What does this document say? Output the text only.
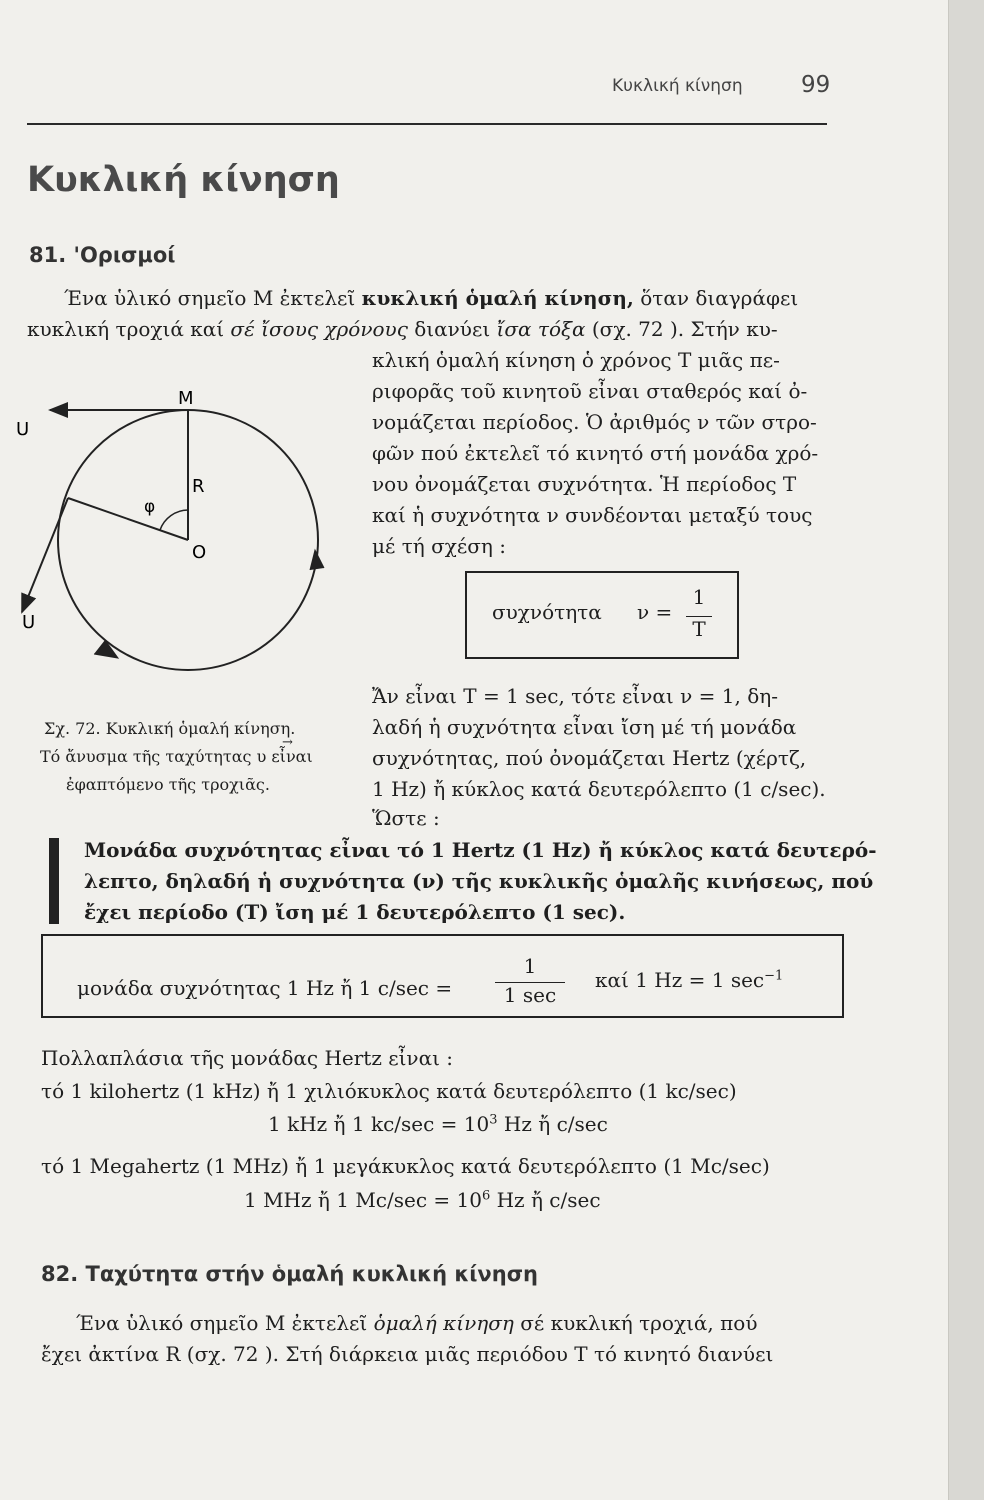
Κυκλική κίνηση	99
Κυκλική κίνηση
81. 'Ορισμοί
Ένα ὑλικό σημεῖο Μ ἐκτελεῖ κυκλική ὁμαλή κίνηση, ὅταν διαγράφει
κυκλική τροχιά καί σέ ἴσους χρόνους διανύει ἴσα τόξα (σχ. 72 ). Στήν κυ-
κλική ὁμαλή κίνηση ὁ χρόνος Τ μιᾶς πε-
ριφορᾶς τοῦ κινητοῦ εἶναι σταθερός καί ὀ-
νομάζεται περίοδος. Ὁ ἀριθμός ν τῶν στρο-
φῶν πού ἐκτελεῖ τό κινητό στή μονάδα χρό-
νου ὀνομάζεται συχνότητα. Ἡ περίοδος Τ
καί ἡ συχνότητα ν συνδέονται μεταξύ τους
μέ τή σχέση :
συχνότητα ν =
1
T
Ἄν εἶναι Τ = 1 sec, τότε εἶναι ν = 1, δη-
λαδή ἡ συχνότητα εἶναι ἴση μέ τή μονάδα
συχνότητας, πού ὀνομάζεται Hertz (χέρτζ,
1 Hz) ἤ κύκλος κατά δευτερόλεπτο (1 c/sec).
Ὥστε :
M
U
U
R
φ
O
Σχ. 72. Κυκλική ὁμαλή κίνηση.
→
Τό ἄνυσμα τῆς ταχύτητας υ εἶναι
ἐφαπτόμενο τῆς τροχιᾶς.
Μονάδα συχνότητας εἶναι τό 1 Hertz (1 Hz) ἤ κύκλος κατά δευτερό-
λεπτο, δηλαδή ἡ συχνότητα (ν) τῆς κυκλικῆς ὁμαλῆς κινήσεως, πού
ἔχει περίοδο (Τ) ἴση μέ 1 δευτερόλεπτο (1 sec).
μονάδα συχνότητας 1 Hz ἤ 1 c/sec =
1
1 sec
καί 1 Hz = 1 $\sec^{-1}$
Πολλαπλάσια τῆς μονάδας Hertz εἶναι :
τό 1 kilohertz (1 kHz) ἤ 1 χιλιόκυκλος κατά δευτερόλεπτο (1 kc/sec)
1 kHz ἤ 1 $kc/\sec = 10^3$ Hz ἤ c/sec
τό 1 Megahertz (1 MHz) ἤ 1 μεγάκυκλος κατά δευτερόλεπτο (1 Mc/sec)
1 MHz ἤ 1 $Mc/\sec = 10^6$ Hz ἤ c/sec
82. Ταχύτητα στήν ὁμαλή κυκλική κίνηση
Ένα ὑλικό σημεῖο Μ ἐκτελεῖ ὁμαλή κίνηση σέ κυκλική τροχιά, πού
ἔχει ἀκτίνα R (σχ. 72 ). Στή διάρκεια μιᾶς περιόδου Τ τό κινητό διανύει
